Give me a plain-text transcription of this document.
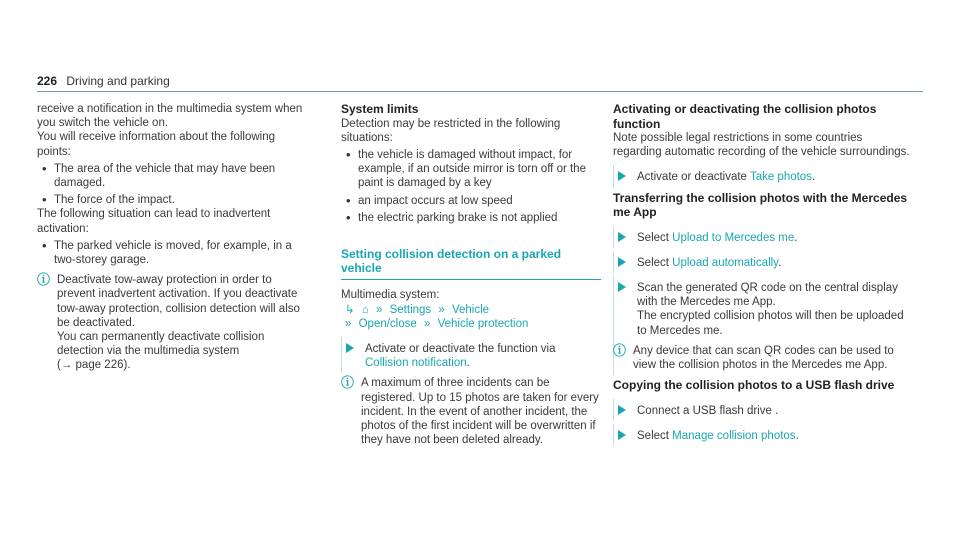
226 Driving and parking

receive a notification in the multimedia system when you switch the vehicle on.

You will receive information about the following points:

• The area of the vehicle that may have been damaged.
• The force of the impact.

The following situation can lead to inadvertent activation:

• The parked vehicle is moved, for example, in a two-storey garage.
ⓘ Deactivate tow-away protection in order to prevent inadvertent activation. If you deactivate tow-away protection, collision detection will also be deactivated.

You can permanently deactivate collision detection via the multimedia system

(→ page 226).

System limits

Detection may be restricted in the following situations:

• the vehicle is damaged without impact, for example, if an outside mirror is torn off or the paint is damaged by a key
• an impact occurs at low speed
• the electric parking brake is not applied
Setting collision detection on a parked vehicle

Multimedia system:

↳ ⌂ » Settings » Vehicle

» Open/close » Vehicle protection

Activate or deactivate the function via Collision notification.
ⓘ A maximum of three incidents can be registered. Up to 15 photos are taken for every incident. In the event of another incident, the photos of the first incident will be overwritten if they have not been deleted already.

Activating or deactivating the collision photos function

Note possible legal restrictions in some countries regarding automatic recording of the vehicle surroundings.

Activate or deactivate Take photos.
Transferring the collision photos with the Mercedes me App
Select Upload to Mercedes me.
Select Upload automatically.

Scan the generated QR code on the central display with the Mercedes me App.

The encrypted collision photos will then be uploaded to Mercedes me.

ⓘ Any device that can scan QR codes can be used to view the collision photos in the Mercedes me App.

Copying the collision photos to a USB flash drive
Connect a USB flash drive .
Select Manage collision photos.
